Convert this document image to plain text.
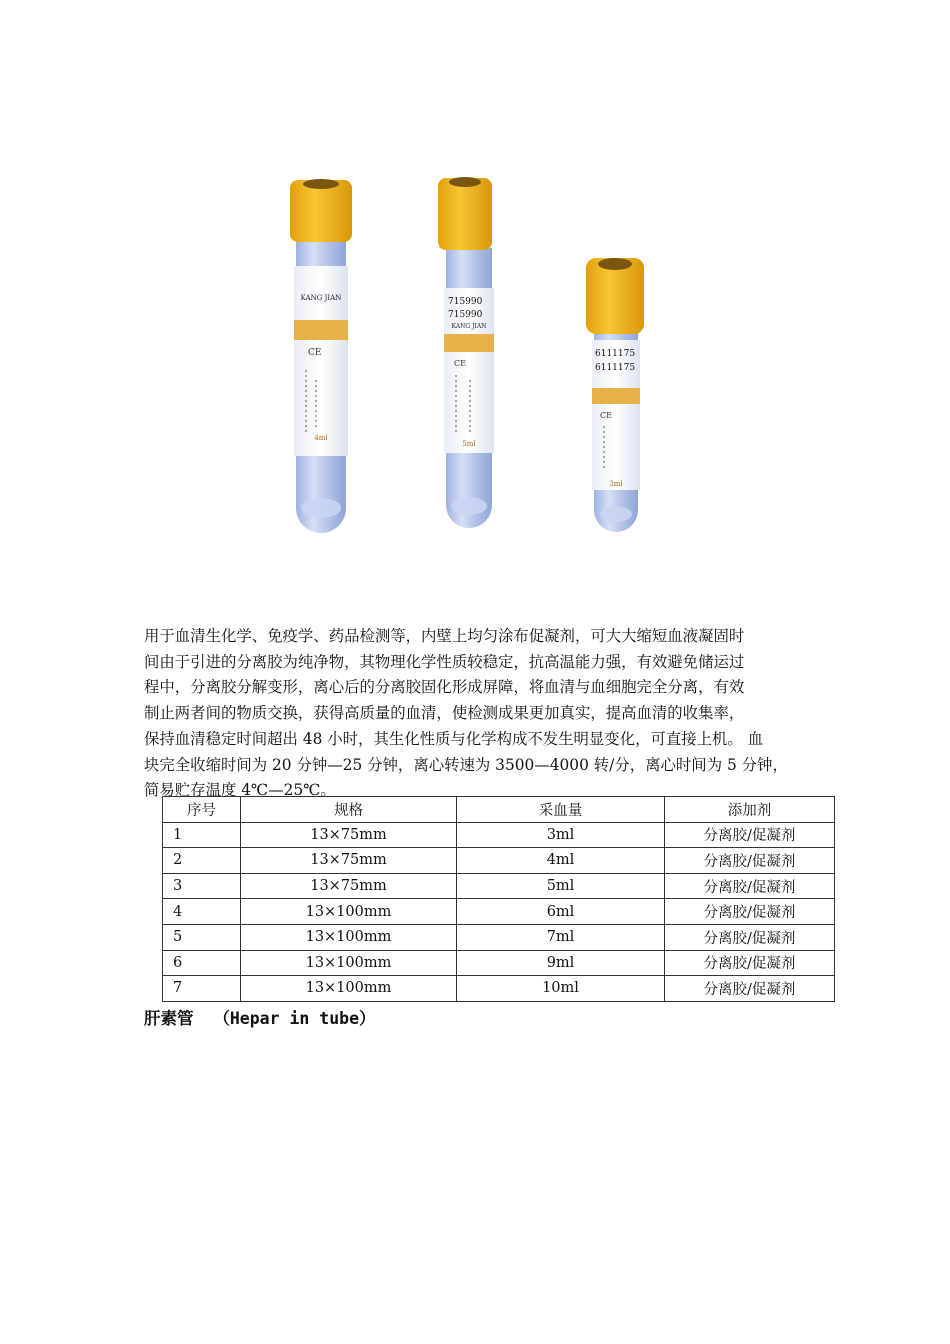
KANG JIAN
CE
4ml
715990
715990
KANG JIAN
CE
5ml
6111175
6111175
CE
3ml

用于血清生化学、免疫学、药品检测等，内壁上均匀涂布促凝剂，可大大缩短血液凝固时

间由于引进的分离胶为纯净物，其物理化学性质较稳定，抗高温能力强，有效避免储运过

程中，分离胶分解变形，离心后的分离胶固化形成屏障，将血清与血细胞完全分离，有效

制止两者间的物质交换，获得高质量的血清，使检测成果更加真实，提高血清的收集率，

保持血清稳定时间超出 48 小时，其生化性质与化学构成不发生明显变化，可直接上机。 血

块完全收缩时间为 20 分钟—25 分钟，离心转速为 3500—4000 转/分，离心时间为 5 分钟，

简易贮存温度 4℃—25℃。

序号	规格	采血量	添加剂
1	13×75mm	3ml	分离胶/促凝剂
2	13×75mm	4ml	分离胶/促凝剂
3	13×75mm	5ml	分离胶/促凝剂
4	13×100mm	6ml	分离胶/促凝剂
5	13×100mm	7ml	分离胶/促凝剂
6	13×100mm	9ml	分离胶/促凝剂
7	13×100mm	10ml	分离胶/促凝剂
肝素管  （Hepar in tube）
